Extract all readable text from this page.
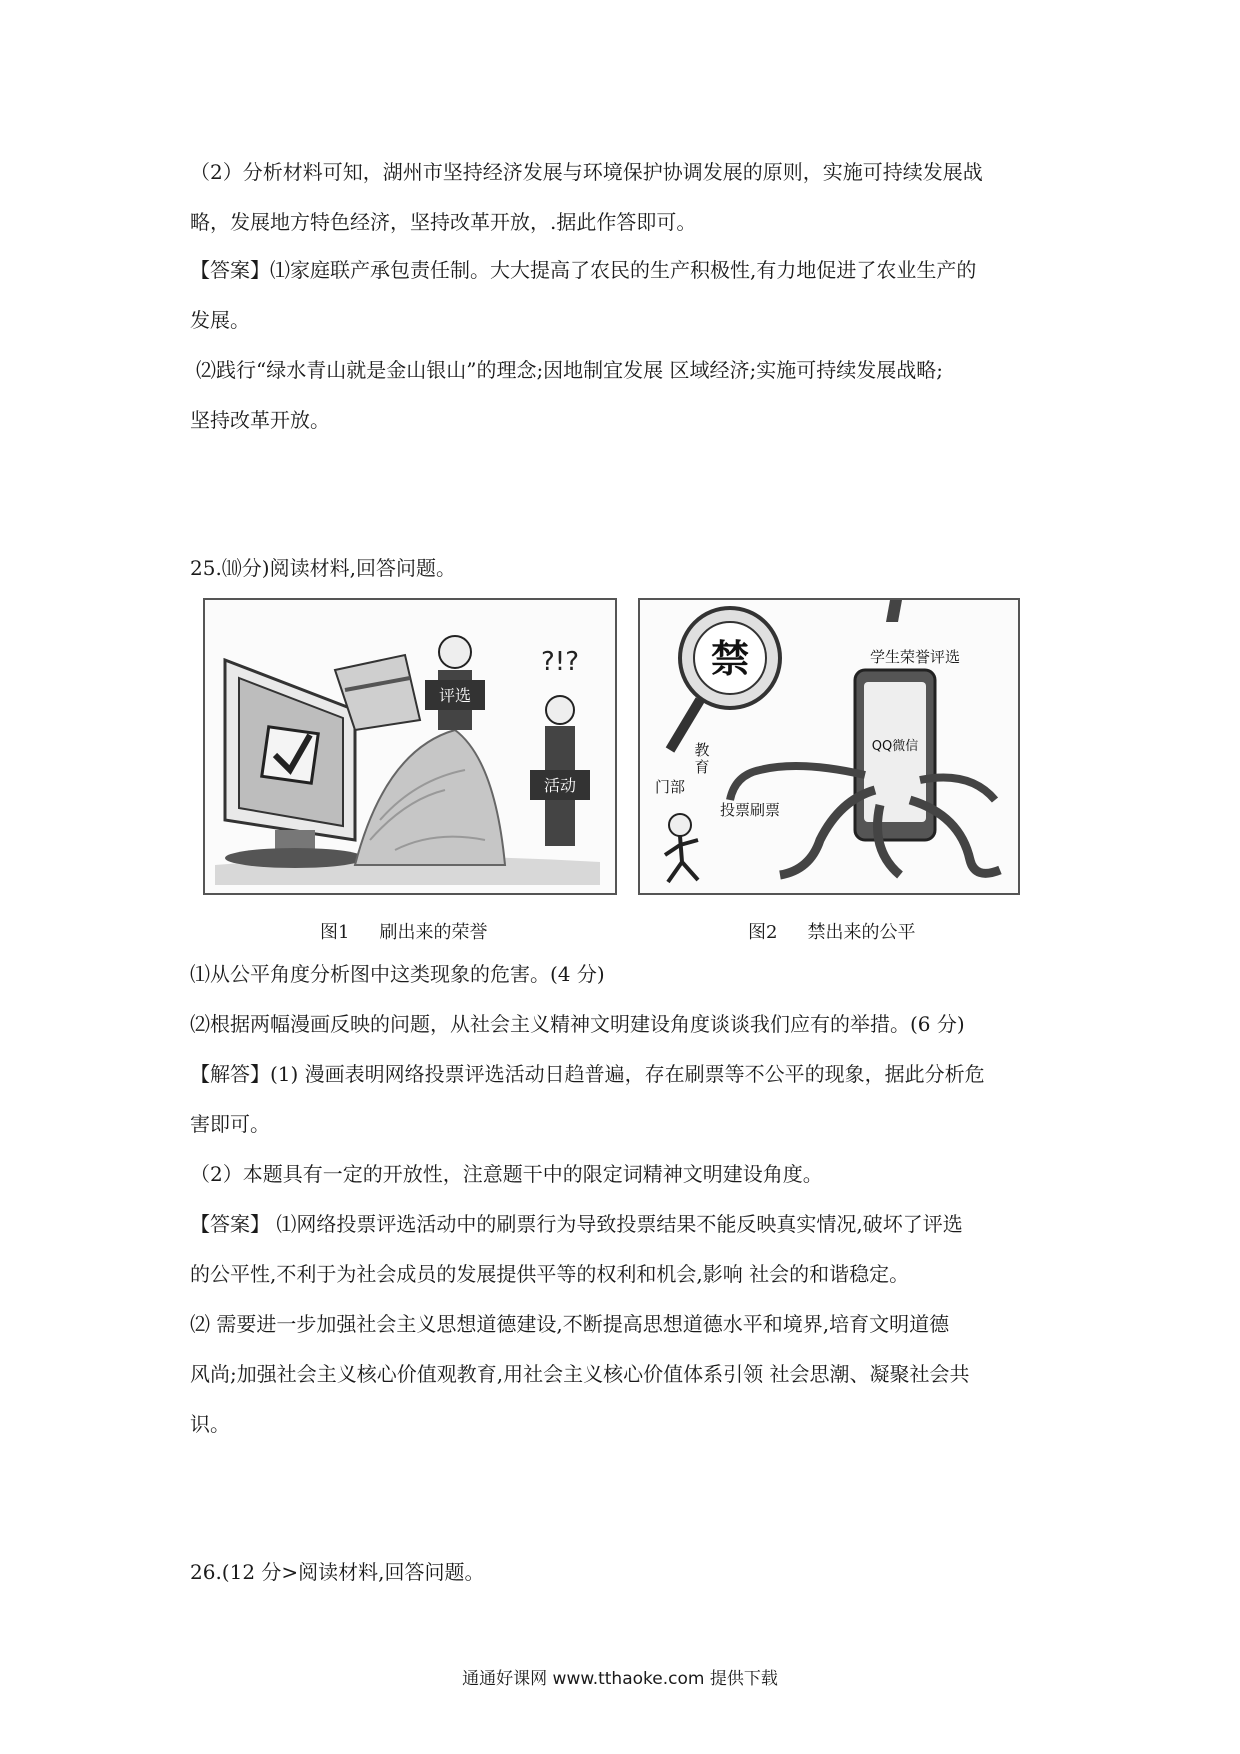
（2）分析材料可知，湖州市坚持经济发展与环境保护协调发展的原则，实施可持续发展战
略，发展地方特色经济，坚持改革开放，.据此作答即可。
【答案】⑴家庭联产承包责任制。大大提高了农民的生产积极性,有力地促进了农业生产的
发展。
⑵践行“绿水青山就是金山银山”的理念;因地制宜发展 区域经济;实施可持续发展战略;
坚持改革开放。
25.⑽分)阅读材料,回答问题。
评选
?!?
活动
图1 刷出来的荣誉
禁
教
育
门部
学生荣誉评选
QQ微信
投票刷票
图2 禁出来的公平
⑴从公平角度分析图中这类现象的危害。(4 分)
⑵根据两幅漫画反映的问题，从社会主义精神文明建设角度谈谈我们应有的举措。(6 分)
【解答】(1) 漫画表明网络投票评选活动日趋普遍，存在刷票等不公平的现象，据此分析危
害即可。
（2）本题具有一定的开放性，注意题干中的限定词精神文明建设角度。
【答案】 ⑴网络投票评选活动中的刷票行为导致投票结果不能反映真实情况,破坏了评选
的公平性,不利于为社会成员的发展提供平等的权利和机会,影响 社会的和谐稳定。
⑵ 需要进一步加强社会主义思想道德建设,不断提高思想道德水平和境界,培育文明道德
风尚;加强社会主义核心价值观教育,用社会主义核心价值体系引领 社会思潮、凝聚社会共
识。
26.(12 分>阅读材料,回答问题。
通通好课网 www.tthaoke.com 提供下载
